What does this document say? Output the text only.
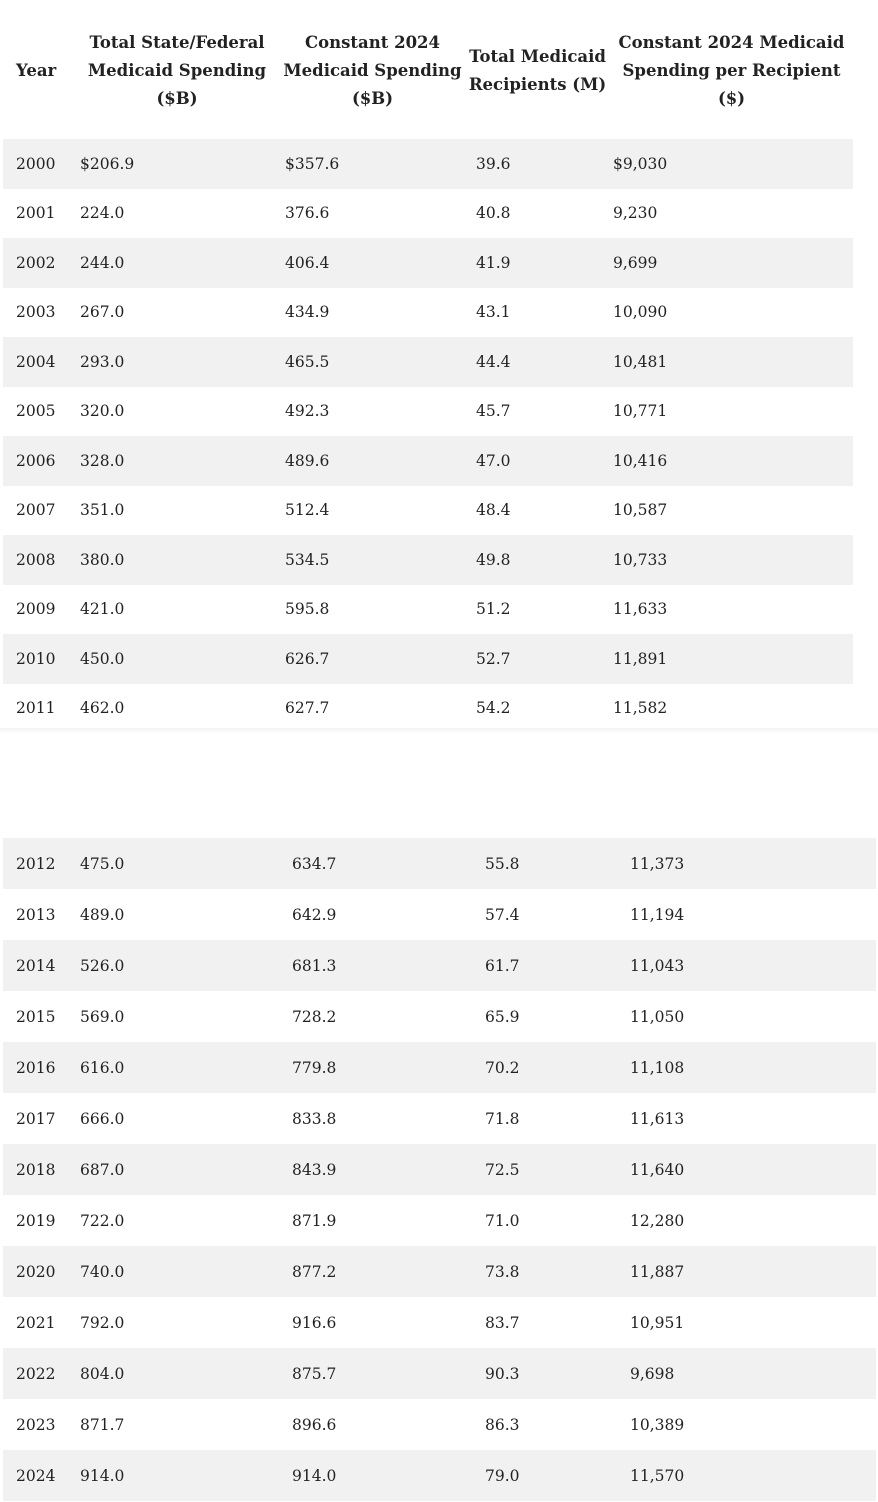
Year	Total State/Federal Medicaid Spending ($B)	Constant 2024 Medicaid Spending ($B)	Total Medicaid Recipients (M)	Constant 2024 Medicaid Spending per Recipient ($)
2000	$206.9	$357.6	39.6	$9,030
2001	224.0	376.6	40.8	9,230
2002	244.0	406.4	41.9	9,699
2003	267.0	434.9	43.1	10,090
2004	293.0	465.5	44.4	10,481
2005	320.0	492.3	45.7	10,771
2006	328.0	489.6	47.0	10,416
2007	351.0	512.4	48.4	10,587
2008	380.0	534.5	49.8	10,733
2009	421.0	595.8	51.2	11,633
2010	450.0	626.7	52.7	11,891
2011	462.0	627.7	54.2	11,582
2012	475.0	634.7	55.8	11,373
2013	489.0	642.9	57.4	11,194
2014	526.0	681.3	61.7	11,043
2015	569.0	728.2	65.9	11,050
2016	616.0	779.8	70.2	11,108
2017	666.0	833.8	71.8	11,613
2018	687.0	843.9	72.5	11,640
2019	722.0	871.9	71.0	12,280
2020	740.0	877.2	73.8	11,887
2021	792.0	916.6	83.7	10,951
2022	804.0	875.7	90.3	9,698
2023	871.7	896.6	86.3	10,389
2024	914.0	914.0	79.0	11,570
